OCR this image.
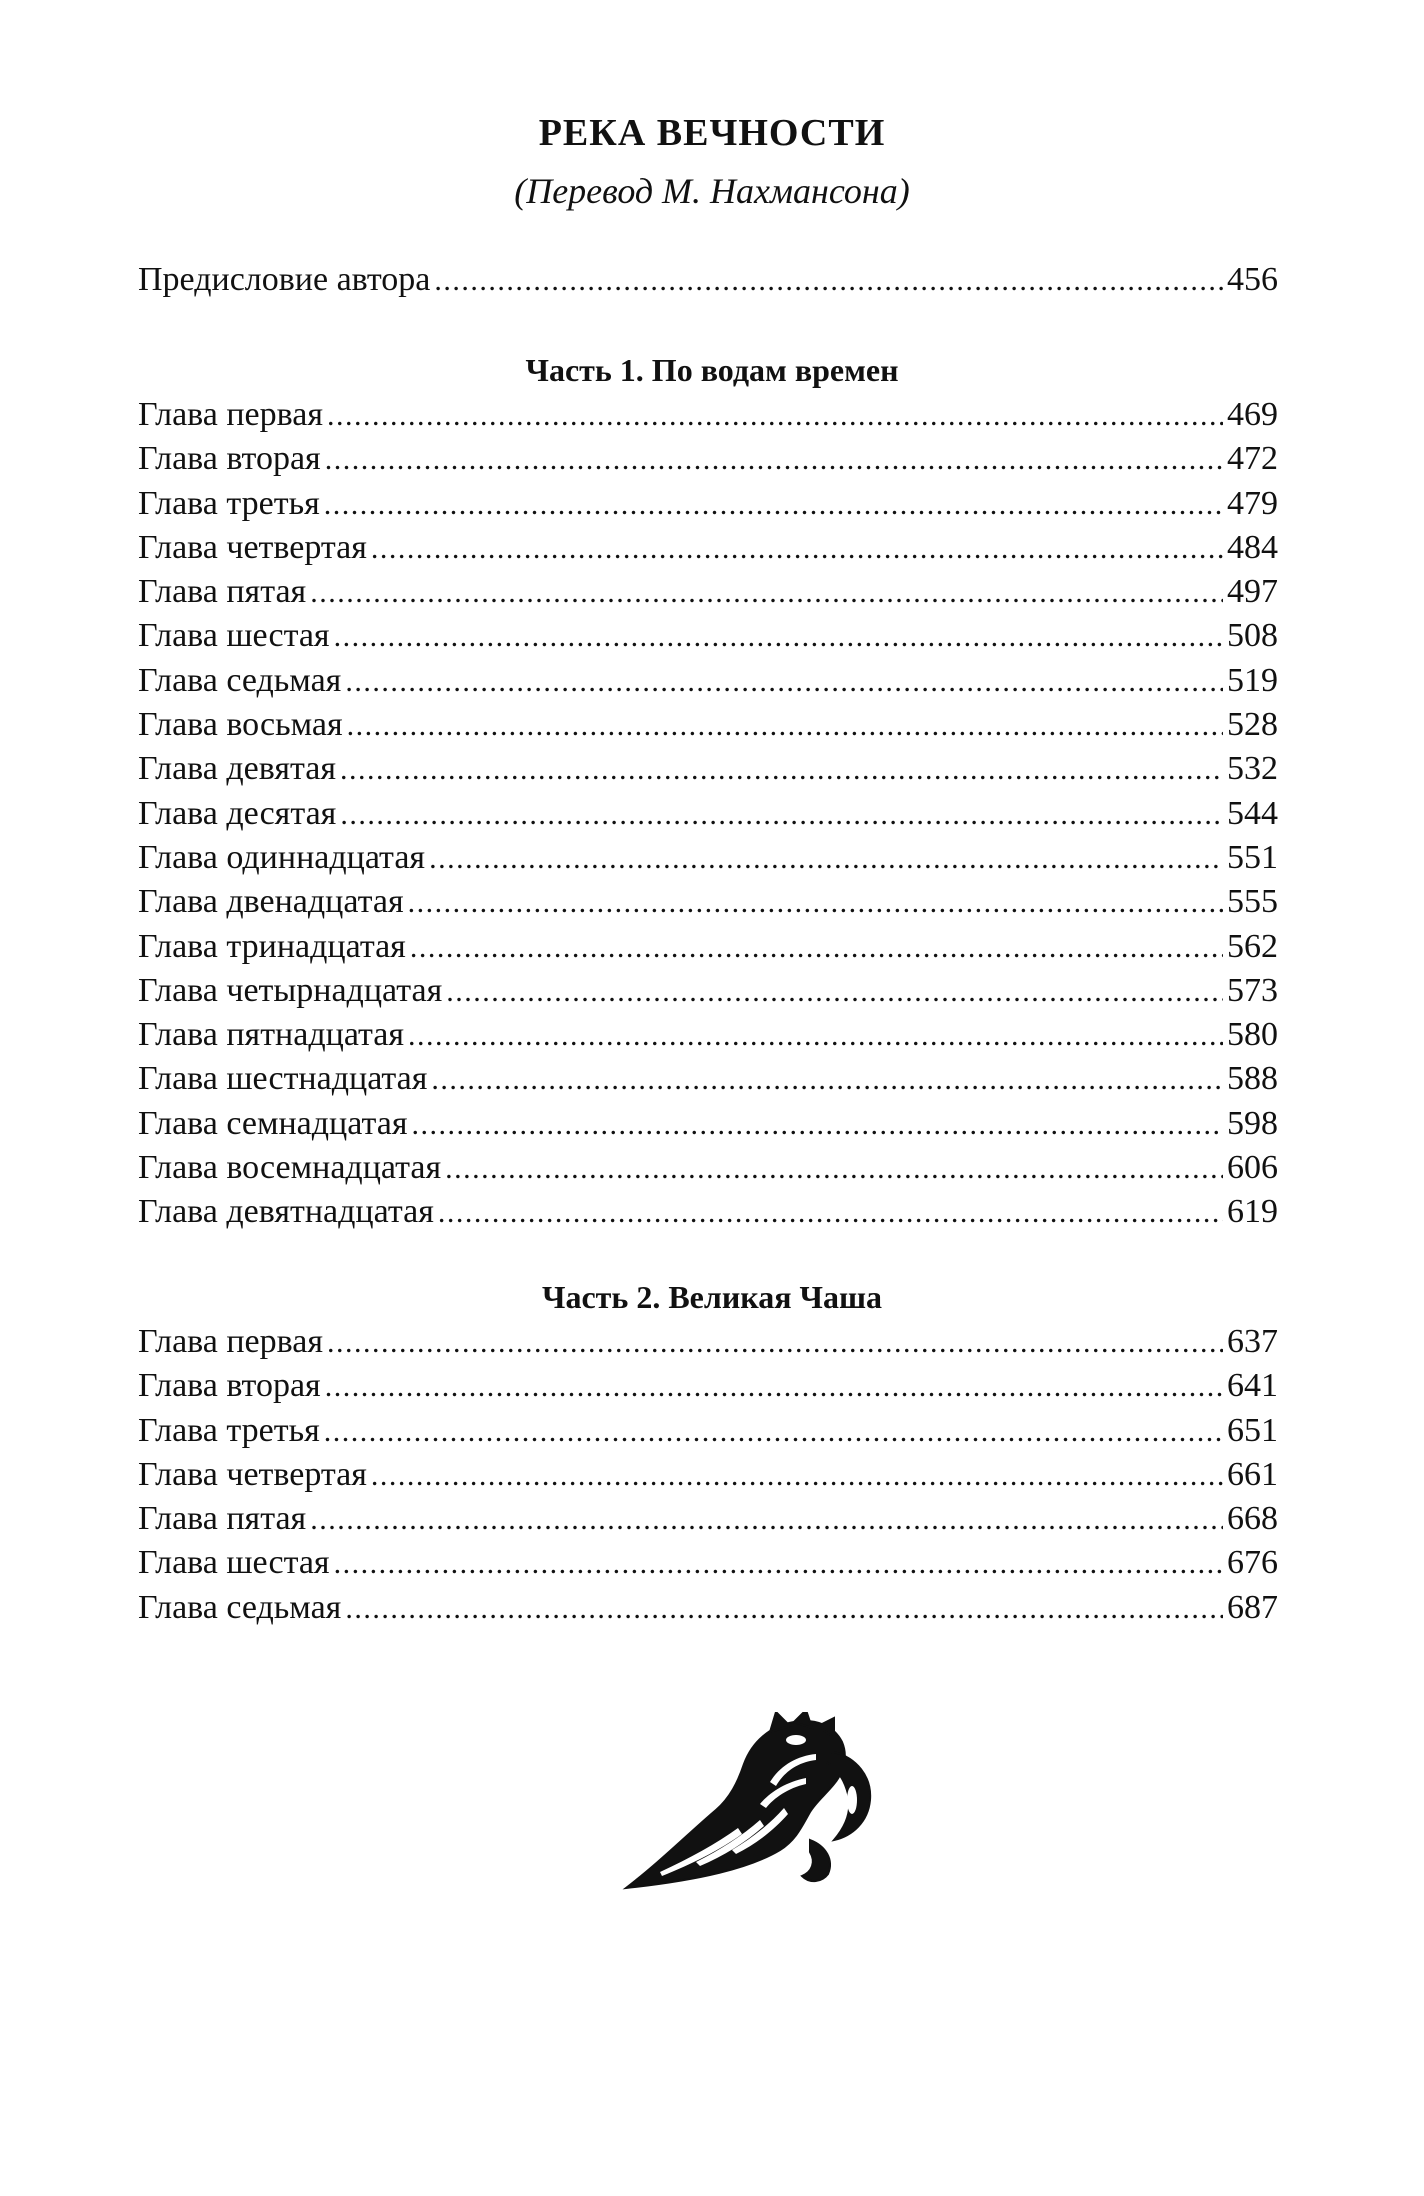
РЕКА ВЕЧНОСТИ
(Перевод М. Нахмансона)
Предисловие автора . . .	456
Часть 1. По водам времен
Глава первая . . .	469
Глава вторая . . .	472
Глава третья . . .	479
Глава четвертая . . .	484
Глава пятая . . .	497
Глава шестая . . .	508
Глава седьмая . . .	519
Глава восьмая . . .	528
Глава девятая . . .	532
Глава десятая . . .	544
Глава одиннадцатая . . .	551
Глава двенадцатая . . .	555
Глава тринадцатая . . .	562
Глава четырнадцатая . . .	573
Глава пятнадцатая . . .	580
Глава шестнадцатая . . .	588
Глава семнадцатая . . .	598
Глава восемнадцатая . . .	606
Глава девятнадцатая . . .	619
Часть 2. Великая Чаша
Глава первая . . .	637
Глава вторая . . .	641
Глава третья . . .	651
Глава четвертая . . .	661
Глава пятая . . .	668
Глава шестая . . .	676
Глава седьмая . . .	687
